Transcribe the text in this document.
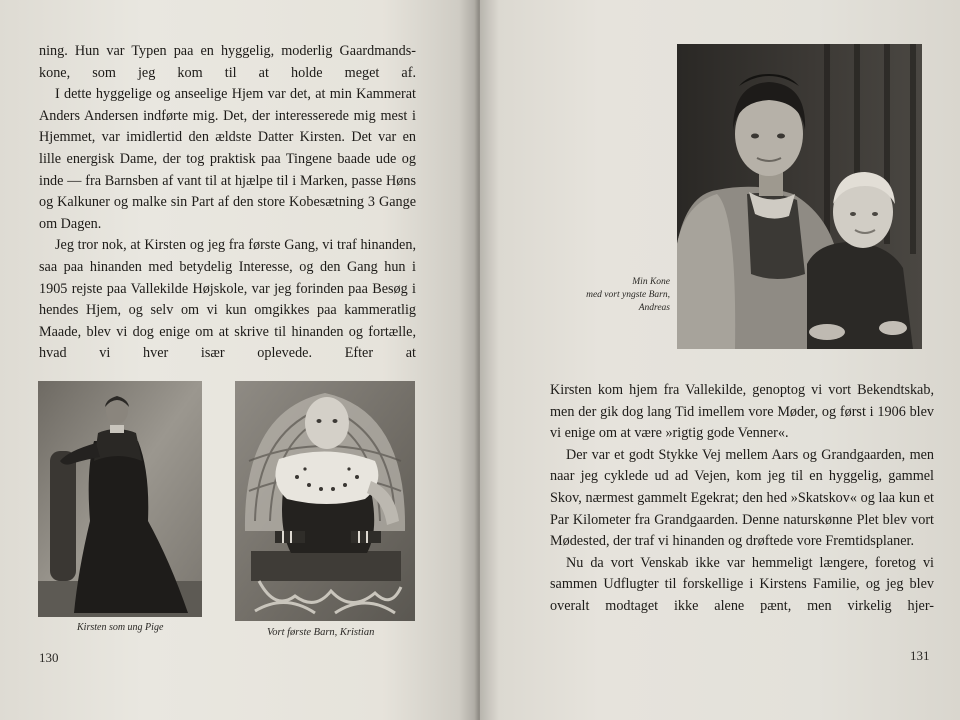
ning. Hun var Typen paa en hyggelig, moderlig Gaardmands-kone, som jeg kom til at holde meget af.

I dette hyggelige og anseelige Hjem var det, at min Kammerat Anders Andersen indførte mig. Det, der interesserede mig mest i Hjemmet, var imidlertid den ældste Datter Kirsten. Det var en lille energisk Dame, der tog praktisk paa Tingene baade ude og inde — fra Barnsben af vant til at hjælpe til i Marken, passe Høns og Kalkuner og malke sin Part af den store Kobesætning 3 Gange om Dagen.

Jeg tror nok, at Kirsten og jeg fra første Gang, vi traf hinanden, saa paa hinanden med betydelig Interesse, og den Gang hun i 1905 rejste paa Vallekilde Højskole, var jeg forinden paa Besøg i hendes Hjem, og selv om vi kun omgikkes paa kammeratlig Maade, blev vi dog enige om at skrive til hinanden og fortælle, hvad vi hver især oplevede. Efter at

Kirsten som ung Pige	Vort første Barn, Kristian
130
Min Kone
med vort yngste Barn,
Andreas

Kirsten kom hjem fra Vallekilde, genoptog vi vort Bekendtskab, men der gik dog lang Tid imellem vore Møder, og først i 1906 blev vi enige om at være »rigtig gode Venner«.

Der var et godt Stykke Vej mellem Aars og Grandgaarden, men naar jeg cyklede ud ad Vejen, kom jeg til en hyggelig, gammel Skov, nærmest gammelt Egekrat; den hed »Skatskov« og laa kun et Par Kilometer fra Grandgaarden. Denne naturskønne Plet blev vort Mødested, der traf vi hinanden og drøftede vore Fremtidsplaner.

Nu da vort Venskab ikke var hemmeligt længere, foretog vi sammen Udflugter til forskellige i Kirstens Familie, og jeg blev overalt modtaget ikke alene pænt, men virkelig hjer-

131
